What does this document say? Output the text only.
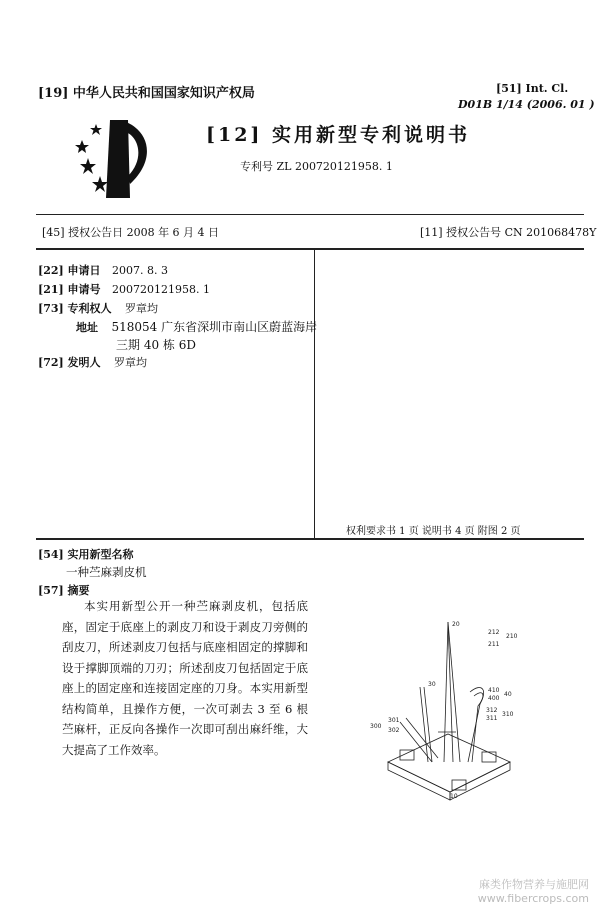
[19] 中华人民共和国国家知识产权局	[51] Int. Cl.
D01B 1/14 (2006. 01 )
[12] 实用新型专利说明书
专利号 ZL 200720121958. 1
[45] 授权公告日 2008 年 6 月 4 日	[11] 授权公告号 CN 201068478Y
[22] 申请日 2007. 8. 3
[21] 申请号 200720121958. 1
[73] 专利权人 罗章均
地址 518054 广东省深圳市南山区蔚蓝海岸
三期 40 栋 6D
[72] 发明人 罗章均
权利要求书 1 页 说明书 4 页 附图 2 页
[54] 实用新型名称
一种苎麻剥皮机
[57] 摘要
本实用新型公开一种苎麻剥皮机，包括底座，固定于底座上的剥皮刀和设于剥皮刀旁侧的刮皮刀，所述剥皮刀包括与底座相固定的撑脚和设于撑脚顶端的刀刃；所述刮皮刀包括固定于底座上的固定座和连接固定座的刀身。本实用新型结构简单，且操作方便，一次可剥去 3 至 6 根苎麻杆，正反向各操作一次即可刮出麻纤维，大大提高了工作效率。
20
212
210
211
30
410
400
40
312
311
310
300
301
302
10
麻类作物营养与施肥网
www.fibercrops.com
